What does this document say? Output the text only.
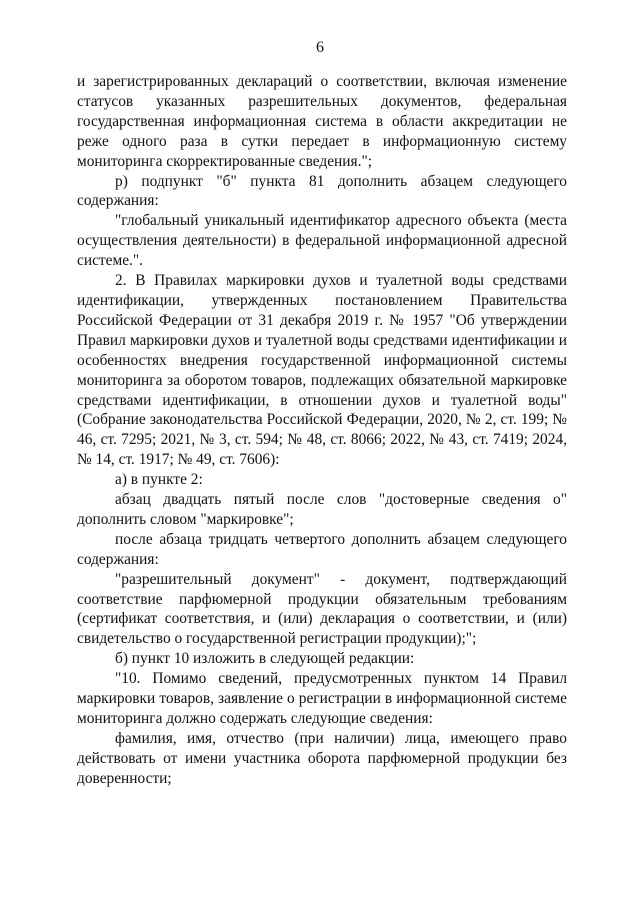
6

и зарегистрированных деклараций о соответствии, включая изменение статусов указанных разрешительных документов, федеральная государственная информационная система в области аккредитации не реже одного раза в сутки передает в информационную систему мониторинга скорректированные сведения.";

р) подпункт "б" пункта 81 дополнить абзацем следующего содержания:

"глобальный уникальный идентификатор адресного объекта (места осуществления деятельности) в федеральной информационной адресной системе.".

2. В Правилах маркировки духов и туалетной воды средствами идентификации, утвержденных постановлением Правительства Российской Федерации от 31 декабря 2019 г. № 1957 "Об утверждении Правил маркировки духов и туалетной воды средствами идентификации и особенностях внедрения государственной информационной системы мониторинга за оборотом товаров, подлежащих обязательной маркировке средствами идентификации, в отношении духов и туалетной воды" (Собрание законодательства Российской Федерации, 2020, № 2, ст. 199; № 46, ст. 7295; 2021, № 3, ст. 594; № 48, ст. 8066; 2022, № 43, ст. 7419; 2024, № 14, ст. 1917; № 49, ст. 7606):

а) в пункте 2:

абзац двадцать пятый после слов "достоверные сведения о" дополнить словом "маркировке";

после абзаца тридцать четвертого дополнить абзацем следующего содержания:

"разрешительный документ" - документ, подтверждающий соответствие парфюмерной продукции обязательным требованиям (сертификат соответствия, и (или) декларация о соответствии, и (или) свидетельство о государственной регистрации продукции);";

б) пункт 10 изложить в следующей редакции:

"10. Помимо сведений, предусмотренных пунктом 14 Правил маркировки товаров, заявление о регистрации в информационной системе мониторинга должно содержать следующие сведения:

фамилия, имя, отчество (при наличии) лица, имеющего право действовать от имени участника оборота парфюмерной продукции без доверенности;
